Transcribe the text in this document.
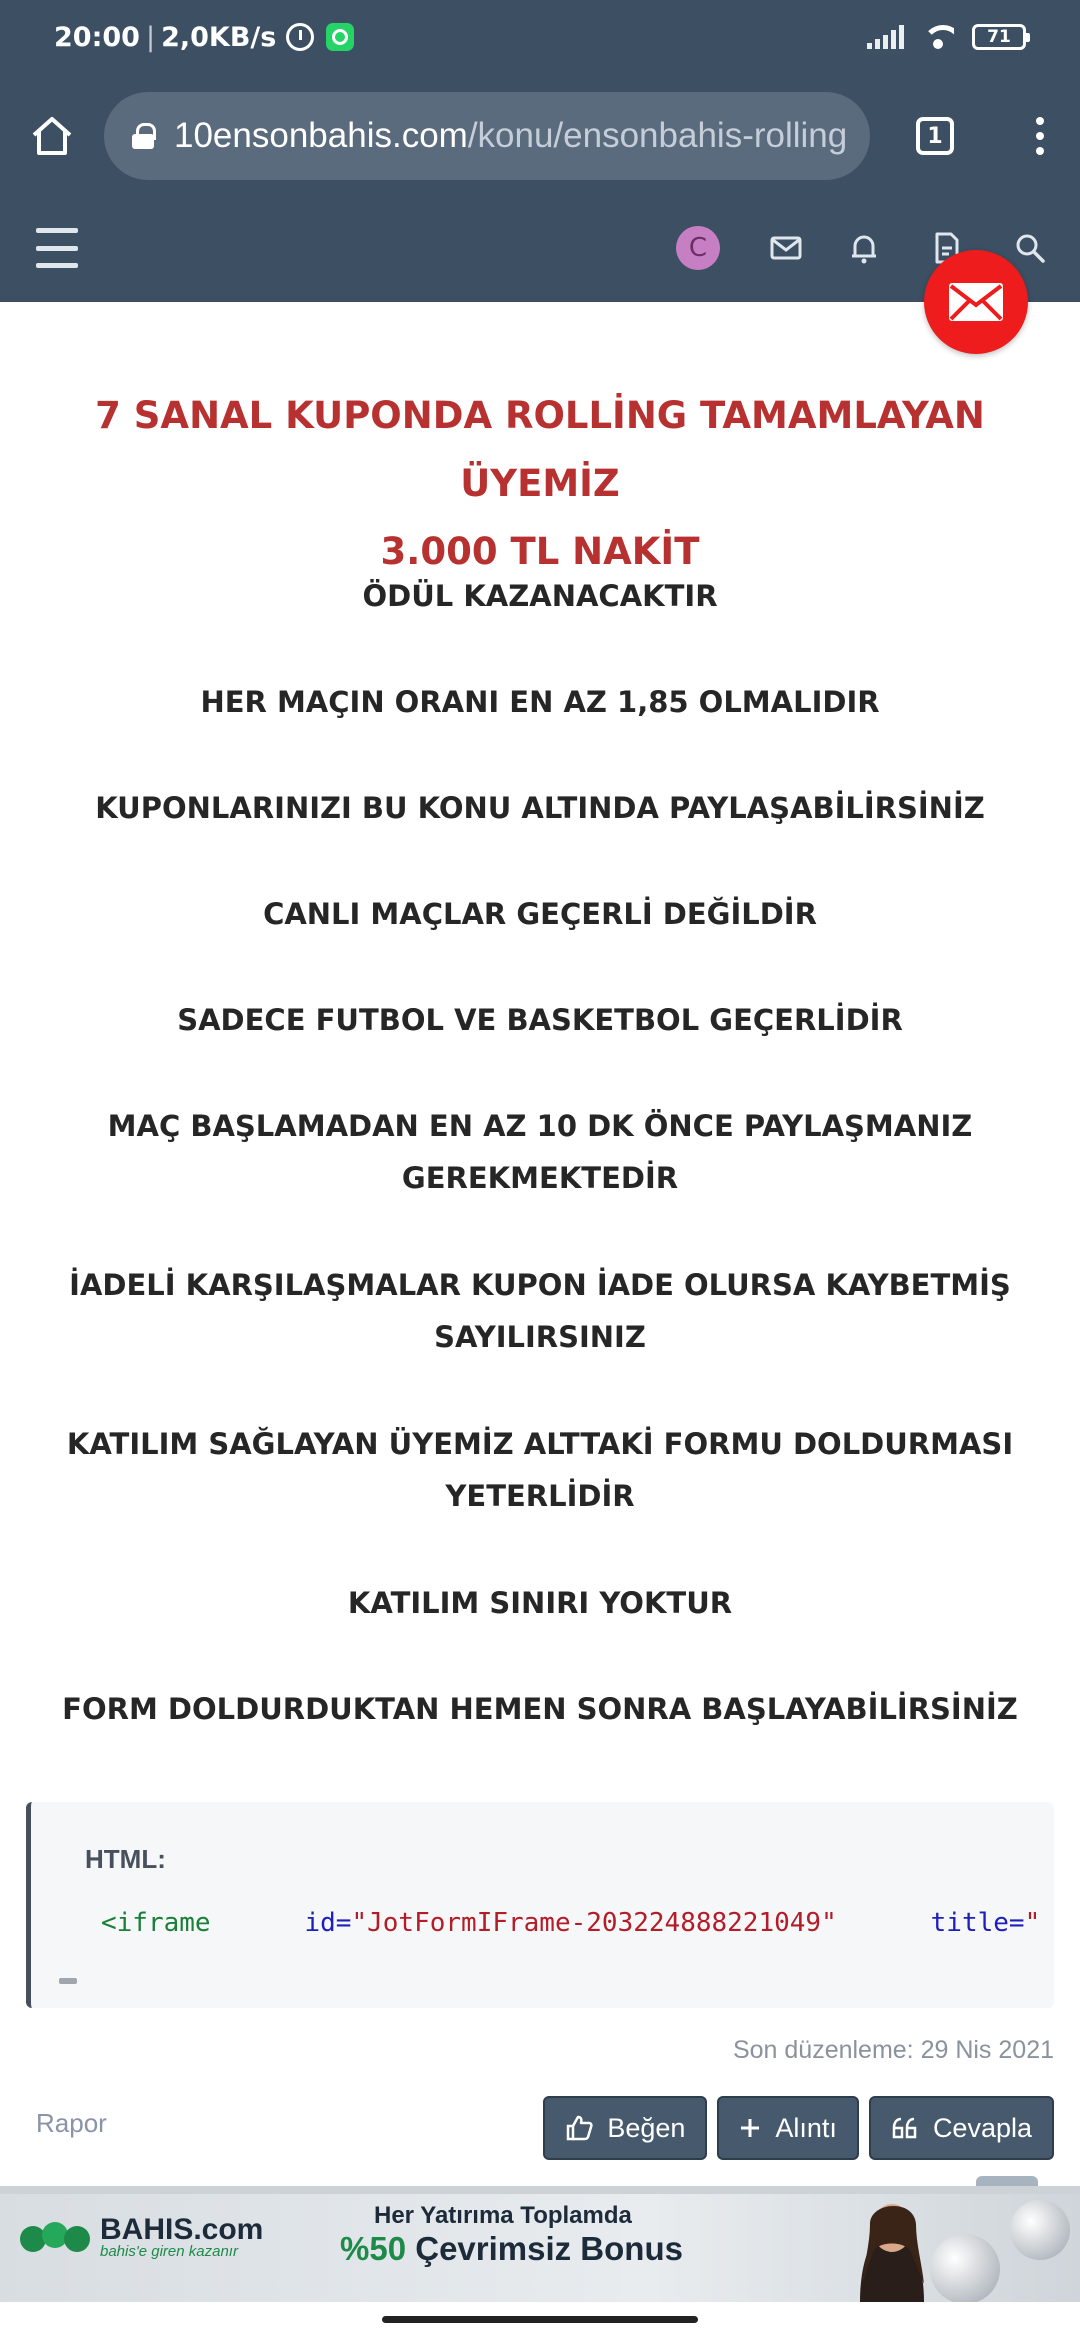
20:00 | 2,0KB/s	71
10ensonbahis.com/konu/ensonbahis-rolling	1
C
7 SANAL KUPONDA ROLLİNG TAMAMLAYAN ÜYEMİZ
3.000 TL NAKİT
ÖDÜL KAZANACAKTIR
HER MAÇIN ORANI EN AZ 1,85 OLMALIDIR
KUPONLARINIZI BU KONU ALTINDA PAYLAŞABİLİRSİNİZ
CANLI MAÇLAR GEÇERLİ DEĞİLDİR
SADECE FUTBOL VE BASKETBOL GEÇERLİDİR
MAÇ BAŞLAMADAN EN AZ 10 DK ÖNCE PAYLAŞMANIZ
GEREKMEKTEDİR
İADELİ KARŞILAŞMALAR KUPON İADE OLURSA KAYBETMİŞ
SAYILIRSINIZ
KATILIM SAĞLAYAN ÜYEMİZ ALTTAKİ FORMU DOLDURMASI
YETERLİDİR
KATILIM SINIRI YOKTUR
FORM DOLDURDUKTAN HEMEN SONRA BAŞLAYABİLİRSİNİZ
HTML:
<iframe	id="JotFormIFrame-203224888221049"	title="
Son düzenleme: 29 Nis 2021
Rapor	Beğen	Alıntı	Cevapla
BAHIS.com
bahis'e giren kazanır
Her Yatırıma Toplamda
%50 Çevrimsiz Bonus
